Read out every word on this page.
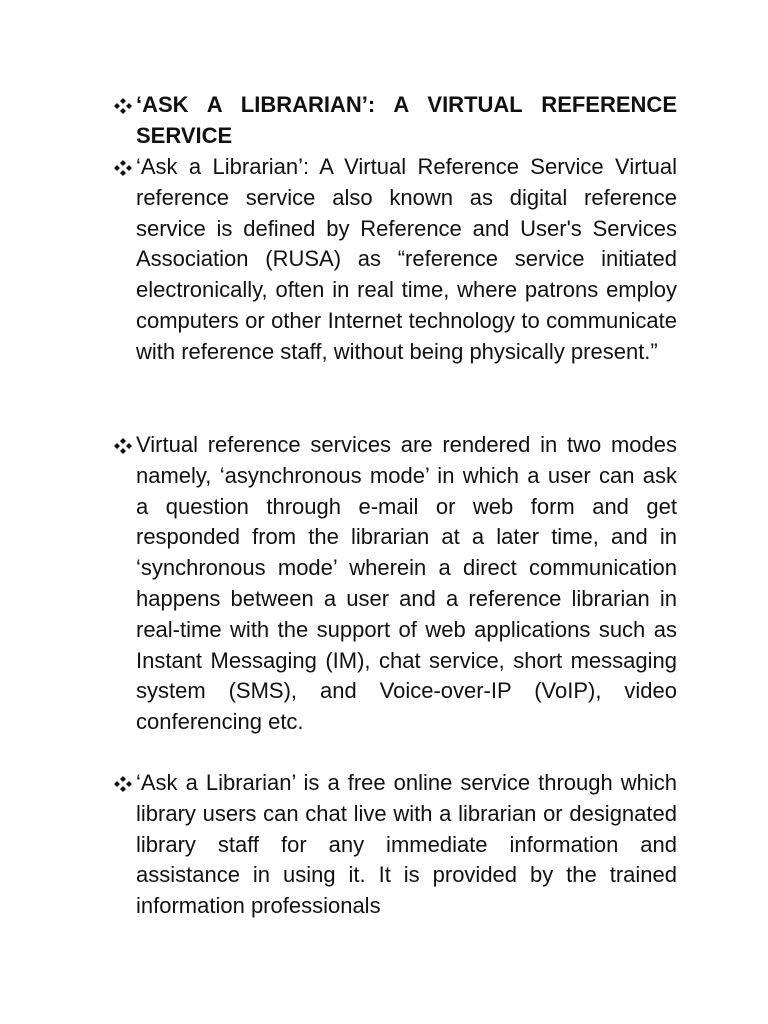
‘ASK A LIBRARIAN’: A VIRTUAL REFERENCE SERVICE
‘Ask a Librarian’: A Virtual Reference Service Virtual reference service also known as digital reference service is defined by Reference and User's Services Association (RUSA) as “reference service initiated electronically, often in real time, where patrons employ computers or other Internet technology to communicate with reference staff, without being physically present.”
Virtual reference services are rendered in two modes namely, ‘asynchronous mode’ in which a user can ask a question through e-mail or web form and get responded from the librarian at a later time, and in ‘synchronous mode’ wherein a direct communication happens between a user and a reference librarian in real-time with the support of web applications such as Instant Messaging (IM), chat service, short messaging system (SMS), and Voice-over-IP (VoIP), video conferencing etc.
‘Ask a Librarian’ is a free online service through which library users can chat live with a librarian or designated library staff for any immediate information and assistance in using it. It is provided by the trained information professionals
